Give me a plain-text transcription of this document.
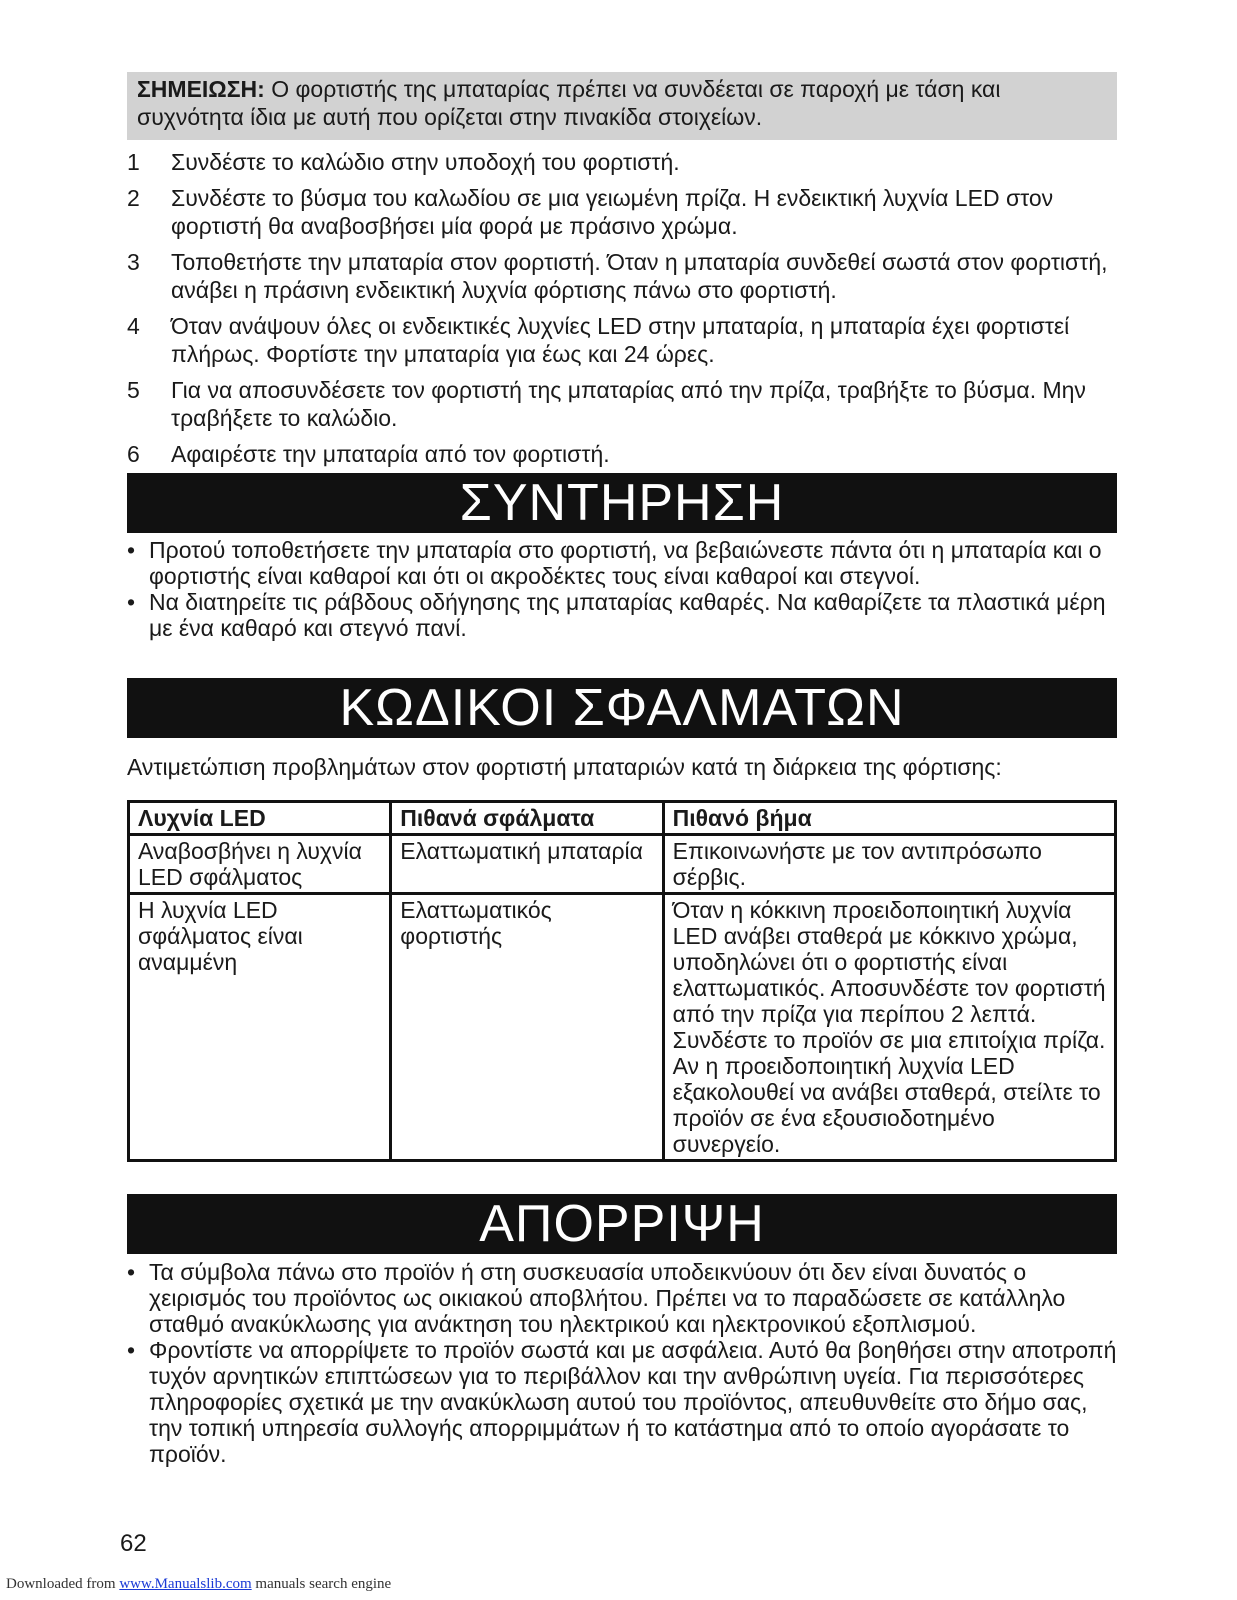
ΣΗΜΕΙΩΣΗ: Ο φορτιστής της μπαταρίας πρέπει να συνδέεται σε παροχή με τάση και συχνότητα ίδια με αυτή που ορίζεται στην πινακίδα στοιχείων.
1 Συνδέστε το καλώδιο στην υποδοχή του φορτιστή.
2 Συνδέστε το βύσμα του καλωδίου σε μια γειωμένη πρίζα. Η ενδεικτική λυχνία LED στον φορτιστή θα αναβοσβήσει μία φορά με πράσινο χρώμα.
3 Τοποθετήστε την μπαταρία στον φορτιστή. Όταν η μπαταρία συνδεθεί σωστά στον φορτιστή, ανάβει η πράσινη ενδεικτική λυχνία φόρτισης πάνω στο φορτιστή.
4 Όταν ανάψουν όλες οι ενδεικτικές λυχνίες LED στην μπαταρία, η μπαταρία έχει φορτιστεί πλήρως. Φορτίστε την μπαταρία για έως και 24 ώρες.
5 Για να αποσυνδέσετε τον φορτιστή της μπαταρίας από την πρίζα, τραβήξτε το βύσμα. Μην τραβήξετε το καλώδιο.
6 Αφαιρέστε την μπαταρία από τον φορτιστή.
ΣΥΝΤΗΡΗΣΗ
• Προτού τοποθετήσετε την μπαταρία στο φορτιστή, να βεβαιώνεστε πάντα ότι η μπαταρία και ο φορτιστής είναι καθαροί και ότι οι ακροδέκτες τους είναι καθαροί και στεγνοί.
• Να διατηρείτε τις ράβδους οδήγησης της μπαταρίας καθαρές. Να καθαρίζετε τα πλαστικά μέρη με ένα καθαρό και στεγνό πανί.
ΚΩΔΙΚΟΙ ΣΦΑΛΜΑΤΩΝ
Αντιμετώπιση προβλημάτων στον φορτιστή μπαταριών κατά τη διάρκεια της φόρτισης:
Λυχνία LED	Πιθανά σφάλματα	Πιθανό βήμα
Αναβοσβήνει η λυχνία LED σφάλματος	Ελαττωματική μπαταρία	Επικοινωνήστε με τον αντιπρόσωπο σέρβις.
Η λυχνία LED σφάλματος είναι αναμμένη	Ελαττωματικός φορτιστής	Όταν η κόκκινη προειδοποιητική λυχνία LED ανάβει σταθερά με κόκκινο χρώμα, υποδηλώνει ότι ο φορτιστής είναι ελαττωματικός. Αποσυνδέστε τον φορτιστή από την πρίζα για περίπου 2 λεπτά. Συνδέστε το προϊόν σε μια επιτοίχια πρίζα. Αν η προειδοποιητική λυχνία LED εξακολουθεί να ανάβει σταθερά, στείλτε το προϊόν σε ένα εξουσιοδοτημένο συνεργείο.
ΑΠΟΡΡΙΨΗ
• Τα σύμβολα πάνω στο προϊόν ή στη συσκευασία υποδεικνύουν ότι δεν είναι δυνατός ο χειρισμός του προϊόντος ως οικιακού αποβλήτου. Πρέπει να το παραδώσετε σε κατάλληλο σταθμό ανακύκλωσης για ανάκτηση του ηλεκτρικού και ηλεκτρονικού εξοπλισμού.
• Φροντίστε να απορρίψετε το προϊόν σωστά και με ασφάλεια. Αυτό θα βοηθήσει στην αποτροπή τυχόν αρνητικών επιπτώσεων για το περιβάλλον και την ανθρώπινη υγεία. Για περισσότερες πληροφορίες σχετικά με την ανακύκλωση αυτού του προϊόντος, απευθυνθείτε στο δήμο σας, την τοπική υπηρεσία συλλογής απορριμμάτων ή το κατάστημα από το οποίο αγοράσατε το προϊόν.
62
Downloaded from www.Manualslib.com manuals search engine
